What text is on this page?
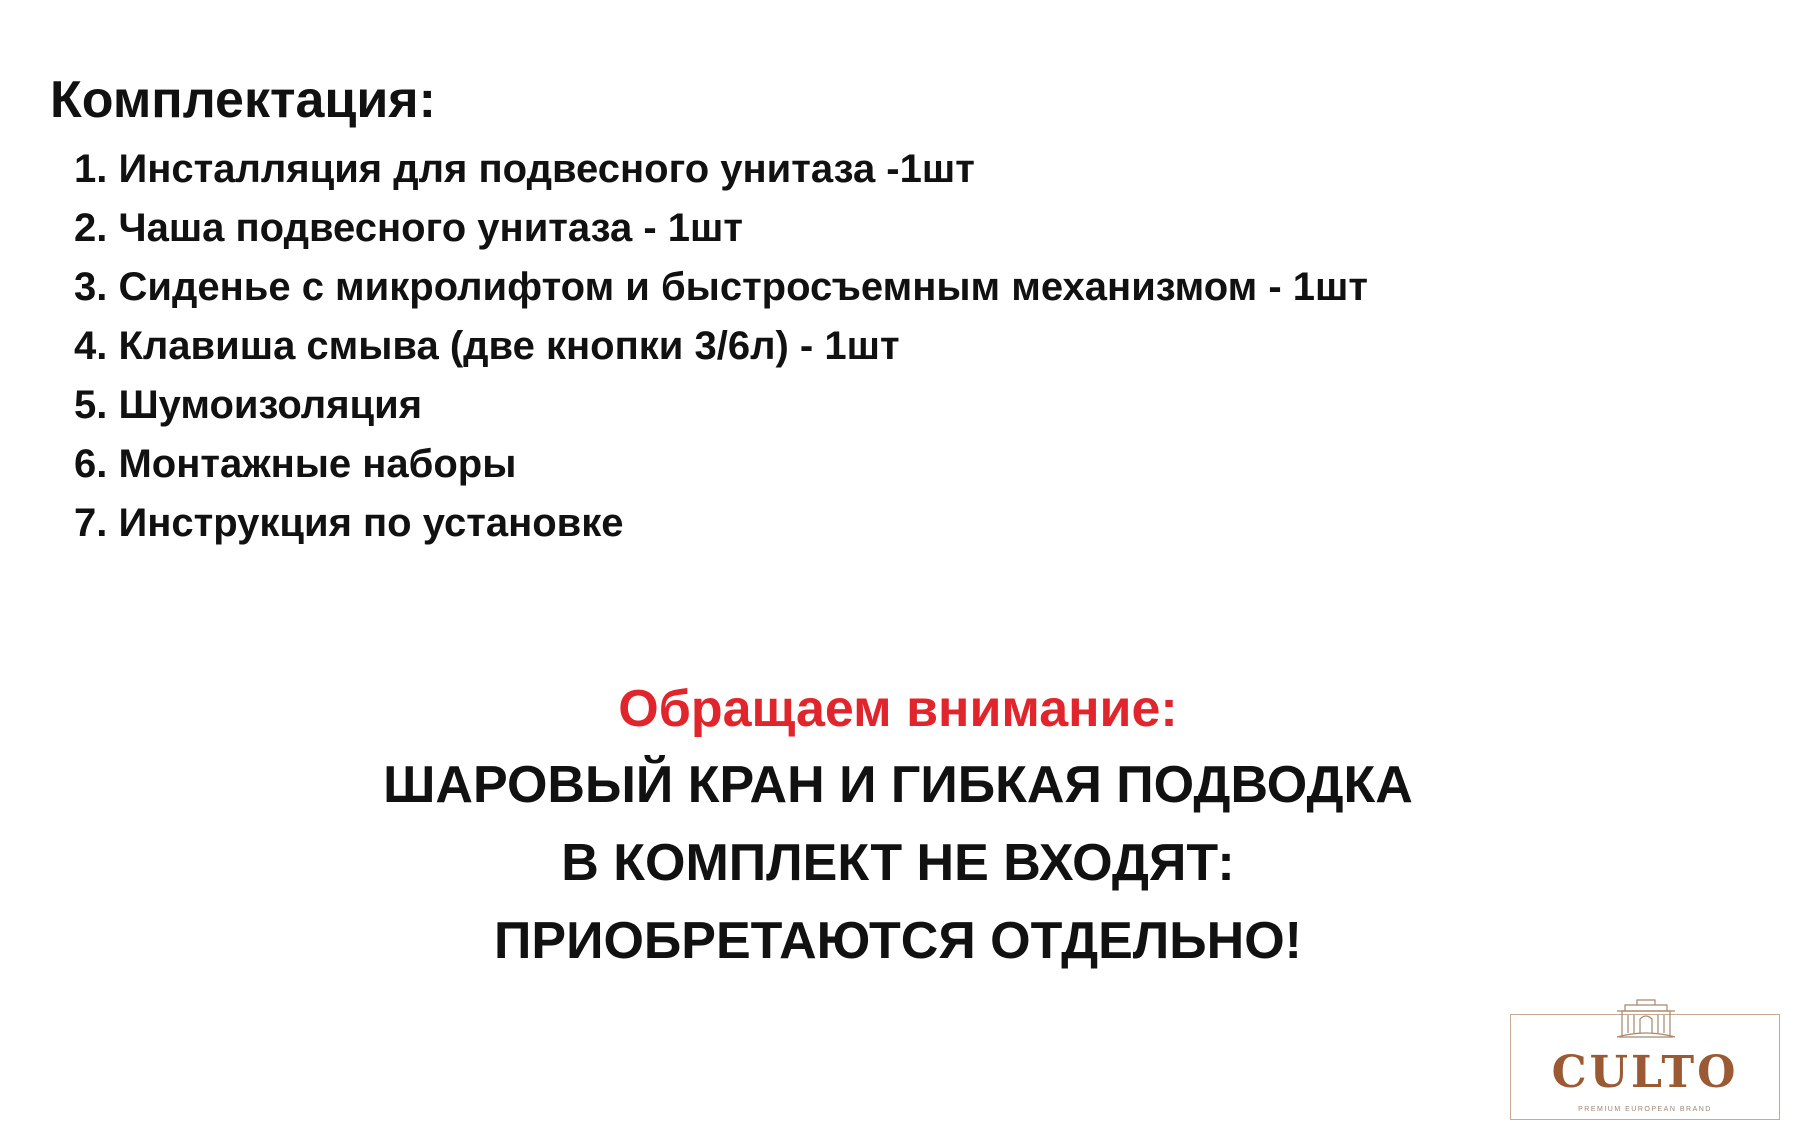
Комплектация:
1. Инсталляция для подвесного унитаза -1шт
2. Чаша подвесного унитаза - 1шт
3. Сиденье с микролифтом и быстросъемным механизмом - 1шт
4. Клавиша смыва (две кнопки 3/6л) - 1шт
5. Шумоизоляция
6. Монтажные наборы
7. Инструкция по установке
Обращаем внимание:
ШАРОВЫЙ КРАН И ГИБКАЯ ПОДВОДКА
В КОМПЛЕКТ НЕ ВХОДЯТ:
ПРИОБРЕТАЮТСЯ ОТДЕЛЬНО!
CULTO
PREMIUM EUROPEAN BRAND
